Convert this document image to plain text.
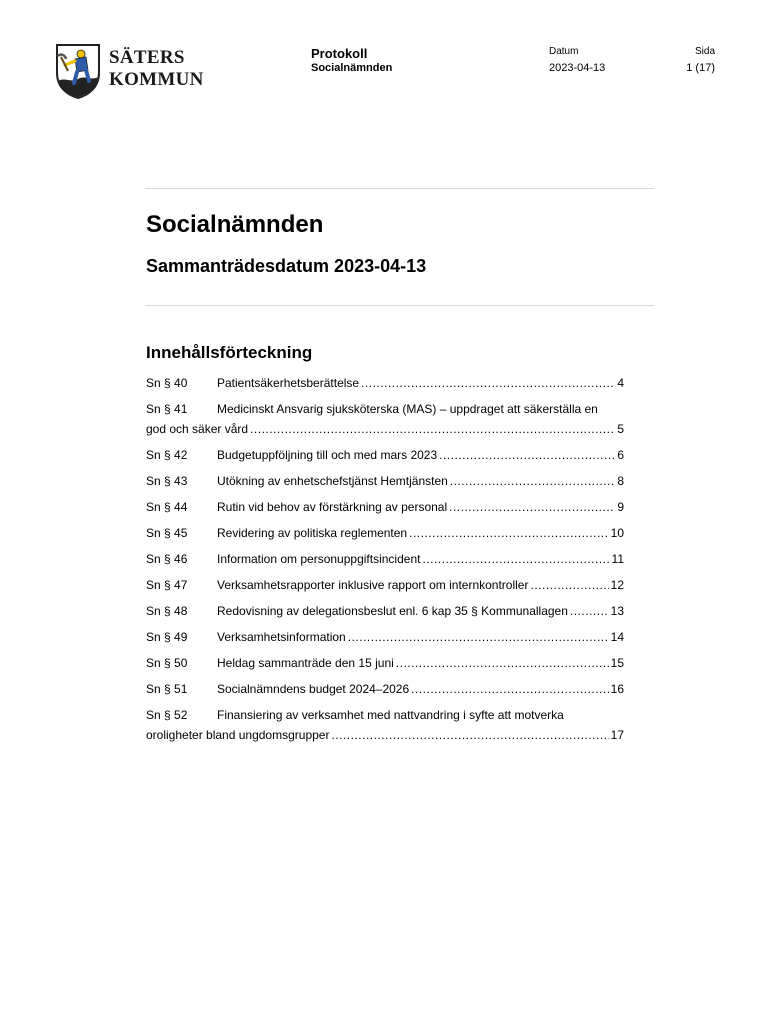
SÄTERS
KOMMUN
Protokoll
Socialnämnden
Datum
2023-04-13
Sida
1 (17)
Socialnämnden
Sammanträdesdatum 2023-04-13
Innehållsförteckning
Sn § 40	Patientsäkerhetsberättelse .....	4
Sn § 41	Medicinskt Ansvarig sjuksköterska (MAS) – uppdraget att säkerställa en
god och säker vård .....	5
Sn § 42	Budgetuppföljning till och med mars 2023 .....	6
Sn § 43	Utökning av enhetschefstjänst Hemtjänsten .....	8
Sn § 44	Rutin vid behov av förstärkning av personal .....	9
Sn § 45	Revidering av politiska reglementen .....	10
Sn § 46	Information om personuppgiftsincident .....	11
Sn § 47	Verksamhetsrapporter inklusive rapport om internkontroller .....	12
Sn § 48	Redovisning av delegationsbeslut enl. 6 kap 35 § Kommunallagen .....	13
Sn § 49	Verksamhetsinformation .....	14
Sn § 50	Heldag sammanträde den 15 juni .....	15
Sn § 51	Socialnämndens budget 2024–2026 .....	16
Sn § 52	Finansiering av verksamhet med nattvandring i syfte att motverka
oroligheter bland ungdomsgrupper .....	17
